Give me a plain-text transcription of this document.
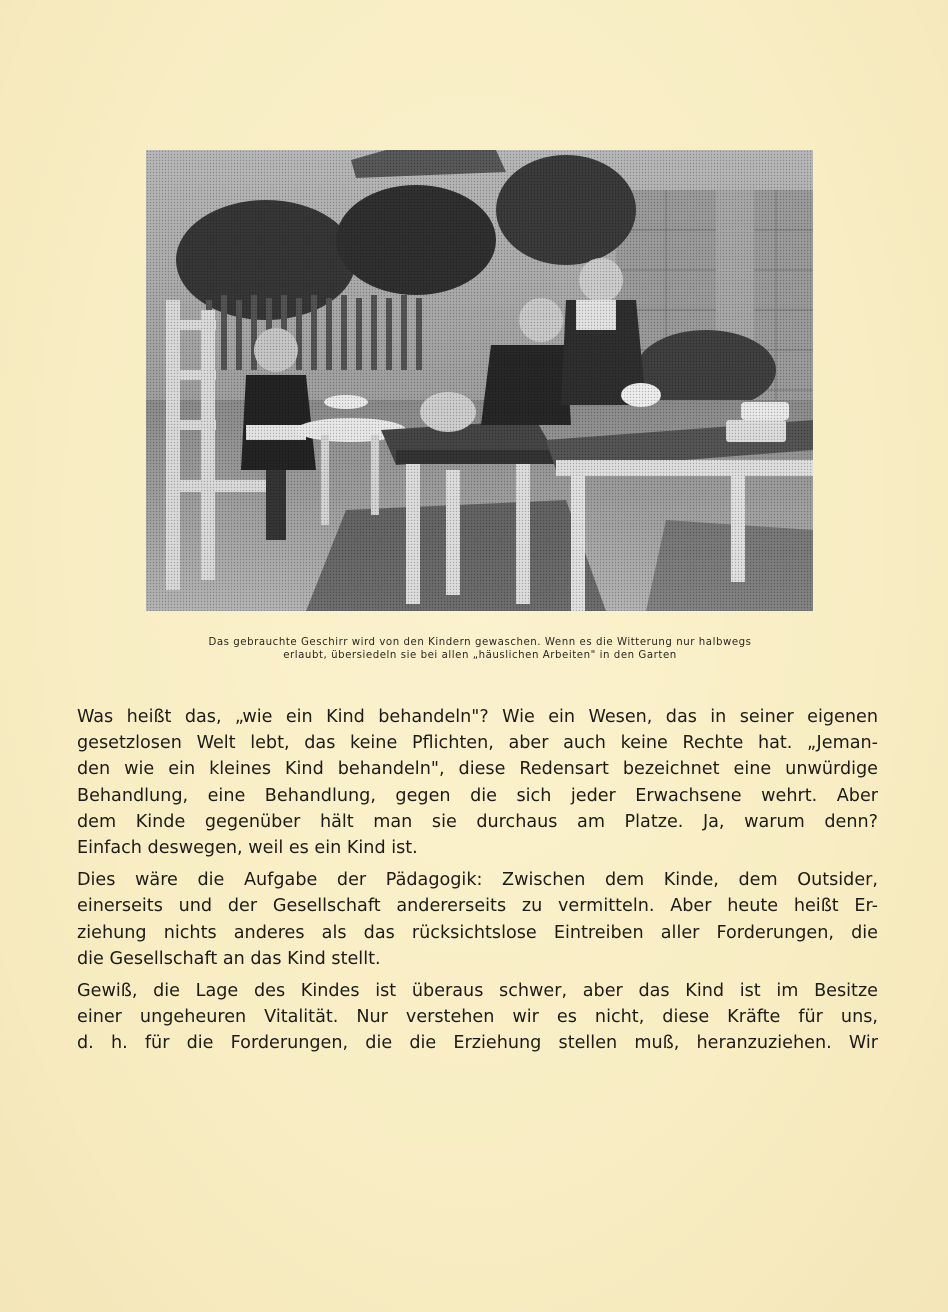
Das gebrauchte Geschirr wird von den Kindern gewaschen. Wenn es die Witterung nur halbwegs
erlaubt, übersiedeln sie bei allen „häuslichen Arbeiten" in den Garten

Was heißt das, „wie ein Kind behandeln"? Wie ein Wesen, das in seiner eigenen
gesetzlosen Welt lebt, das keine Pflichten, aber auch keine Rechte hat. „Jeman-
den wie ein kleines Kind behandeln", diese Redensart bezeichnet eine unwürdige
Behandlung, eine Behandlung, gegen die sich jeder Erwachsene wehrt. Aber
dem Kinde gegenüber hält man sie durchaus am Platze. Ja, warum denn?
Einfach deswegen, weil es ein Kind ist.

Dies wäre die Aufgabe der Pädagogik: Zwischen dem Kinde, dem Outsider,
einerseits und der Gesellschaft andererseits zu vermitteln. Aber heute heißt Er-
ziehung nichts anderes als das rücksichtslose Eintreiben aller Forderungen, die
die Gesellschaft an das Kind stellt.

Gewiß, die Lage des Kindes ist überaus schwer, aber das Kind ist im Besitze
einer ungeheuren Vitalität. Nur verstehen wir es nicht, diese Kräfte für uns,
d. h. für die Forderungen, die die Erziehung stellen muß, heranzuziehen. Wir
